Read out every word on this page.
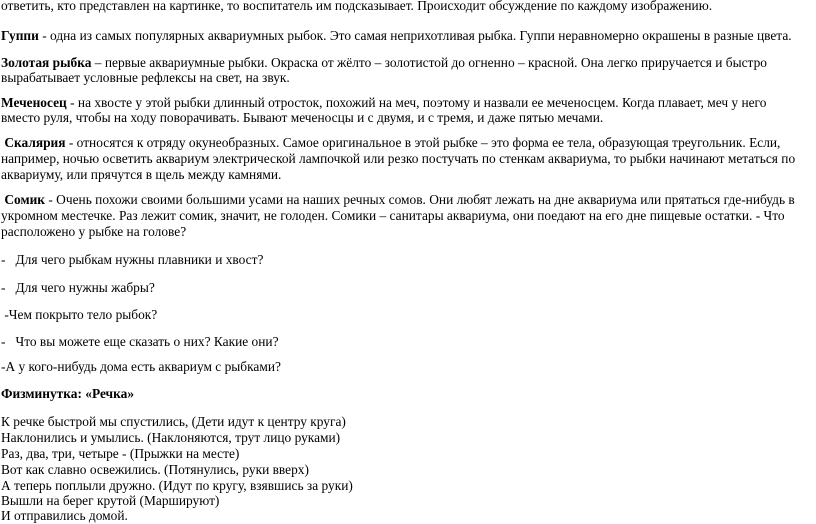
ответить, кто представлен на картинке, то воспитатель им подсказывает. Происходит обсуждение по каждому изображению.
Гуппи - одна из самых популярных аквариумных рыбок. Это самая неприхотливая рыбка. Гуппи неравномерно окрашены в разные цвета.
Золотая рыбка – первые аквариумные рыбки. Окраска от жёлто – золотистой до огненно – красной. Она легко приручается и быстро
вырабатывает условные рефлексы на свет, на звук.
Меченосец - на хвосте у этой рыбки длинный отросток, похожий на меч, поэтому и назвали ее меченосцем. Когда плавает, меч у него
вместо руля, чтобы на ходу поворачивать. Бывают меченосцы и с двумя, и с тремя, и даже пятью мечами.
Скалярия - относятся к отряду окунеобразных. Самое оригинальное в этой рыбке – это форма ее тела, образующая треугольник. Если,
например, ночью осветить аквариум электрической лампочкой или резко постучать по стенкам аквариума, то рыбки начинают метаться по
аквариуму, или прячутся в щель между камнями.
Сомик - Очень похожи своими большими усами на наших речных сомов. Они любят лежать на дне аквариума или прятаться где-нибудь в
укромном местечке. Раз лежит сомик, значит, не голоден. Сомики – санитары аквариума, они поедают на его дне пищевые остатки. - Что
расположено у рыбке на голове?
-   Для чего рыбкам нужны плавники и хвост?
-   Для чего нужны жабры?
-Чем покрыто тело рыбок?
-   Что вы можете еще сказать о них? Какие они?
-А у кого-нибудь дома есть аквариум с рыбками?
Физминутка: «Речка»
К речке быстрой мы спустились, (Дети идут к центру круга)
Наклонились и умылись. (Наклоняются, трут лицо руками)
Раз, два, три, четыре - (Прыжки на месте)
Вот как славно освежились. (Потянулись, руки вверх)
А теперь поплыли дружно. (Идут по кругу, взявшись за руки)
Вышли на берег крутой (Маршируют)
И отправились домой.
